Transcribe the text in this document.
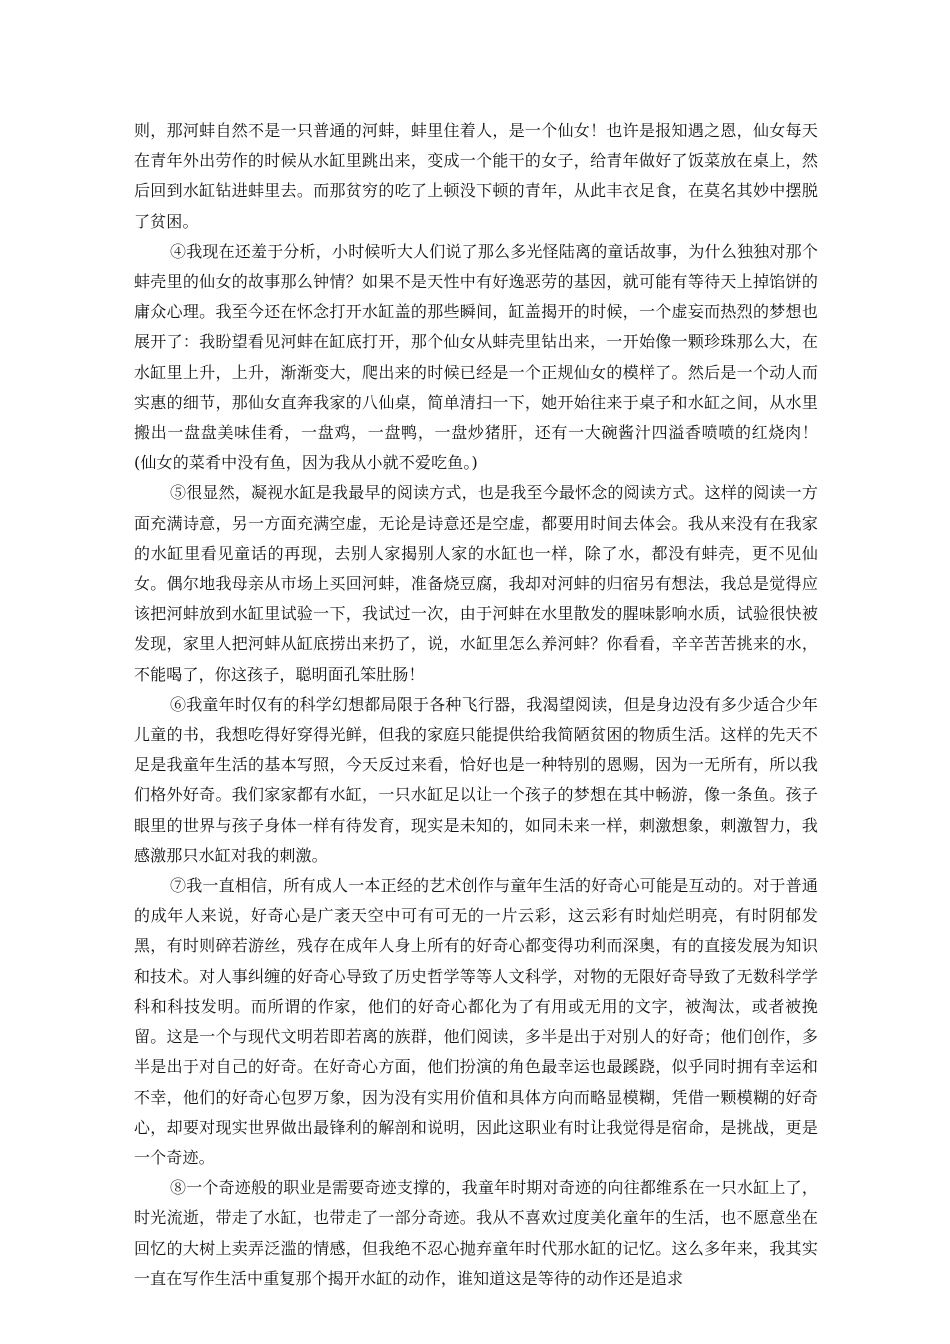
则，那河蚌自然不是一只普通的河蚌，蚌里住着人，是一个仙女！也许是报知遇之恩，仙女每天在青年外出劳作的时候从水缸里跳出来，变成一个能干的女子，给青年做好了饭菜放在桌上，然后回到水缸钻进蚌里去。而那贫穷的吃了上顿没下顿的青年，从此丰衣足食，在莫名其妙中摆脱了贫困。

④我现在还羞于分析，小时候听大人们说了那么多光怪陆离的童话故事，为什么独独对那个蚌壳里的仙女的故事那么钟情？如果不是天性中有好逸恶劳的基因，就可能有等待天上掉馅饼的庸众心理。我至今还在怀念打开水缸盖的那些瞬间，缸盖揭开的时候，一个虚妄而热烈的梦想也展开了：我盼望看见河蚌在缸底打开，那个仙女从蚌壳里钻出来，一开始像一颗珍珠那么大，在水缸里上升，上升，渐渐变大，爬出来的时候已经是一个正规仙女的模样了。然后是一个动人而实惠的细节，那仙女直奔我家的八仙桌，简单清扫一下，她开始往来于桌子和水缸之间，从水里搬出一盘盘美味佳肴，一盘鸡，一盘鸭，一盘炒猪肝，还有一大碗酱汁四溢香喷喷的红烧肉！(仙女的菜肴中没有鱼，因为我从小就不爱吃鱼。)

⑤很显然，凝视水缸是我最早的阅读方式，也是我至今最怀念的阅读方式。这样的阅读一方面充满诗意，另一方面充满空虚，无论是诗意还是空虚，都要用时间去体会。我从来没有在我家的水缸里看见童话的再现，去别人家揭别人家的水缸也一样，除了水，都没有蚌壳，更不见仙女。偶尔地我母亲从市场上买回河蚌，准备烧豆腐，我却对河蚌的归宿另有想法，我总是觉得应该把河蚌放到水缸里试验一下，我试过一次，由于河蚌在水里散发的腥味影响水质，试验很快被发现，家里人把河蚌从缸底捞出来扔了，说，水缸里怎么养河蚌？你看看，辛辛苦苦挑来的水，不能喝了，你这孩子，聪明面孔笨肚肠！

⑥我童年时仅有的科学幻想都局限于各种飞行器，我渴望阅读，但是身边没有多少适合少年儿童的书，我想吃得好穿得光鲜，但我的家庭只能提供给我简陋贫困的物质生活。这样的先天不足是我童年生活的基本写照，今天反过来看，恰好也是一种特别的恩赐，因为一无所有，所以我们格外好奇。我们家家都有水缸，一只水缸足以让一个孩子的梦想在其中畅游，像一条鱼。孩子眼里的世界与孩子身体一样有待发育，现实是未知的，如同未来一样，刺激想象，刺激智力，我感激那只水缸对我的刺激。

⑦我一直相信，所有成人一本正经的艺术创作与童年生活的好奇心可能是互动的。对于普通的成年人来说，好奇心是广袤天空中可有可无的一片云彩，这云彩有时灿烂明亮，有时阴郁发黑，有时则碎若游丝，残存在成年人身上所有的好奇心都变得功利而深奥，有的直接发展为知识和技术。对人事纠缠的好奇心导致了历史哲学等等人文科学，对物的无限好奇导致了无数科学学科和科技发明。而所谓的作家，他们的好奇心都化为了有用或无用的文字，被淘汰，或者被挽留。这是一个与现代文明若即若离的族群，他们阅读，多半是出于对别人的好奇；他们创作，多半是出于对自己的好奇。在好奇心方面，他们扮演的角色最幸运也最蹊跷，似乎同时拥有幸运和不幸，他们的好奇心包罗万象，因为没有实用价值和具体方向而略显模糊，凭借一颗模糊的好奇心，却要对现实世界做出最锋利的解剖和说明，因此这职业有时让我觉得是宿命，是挑战，更是一个奇迹。

⑧一个奇迹般的职业是需要奇迹支撑的，我童年时期对奇迹的向往都维系在一只水缸上了，时光流逝，带走了水缸，也带走了一部分奇迹。我从不喜欢过度美化童年的生活，也不愿意坐在回忆的大树上卖弄泛滥的情感，但我绝不忍心抛弃童年时代那水缸的记忆。这么多年来，我其实一直在写作生活中重复那个揭开水缸的动作，谁知道这是等待的动作还是追求
